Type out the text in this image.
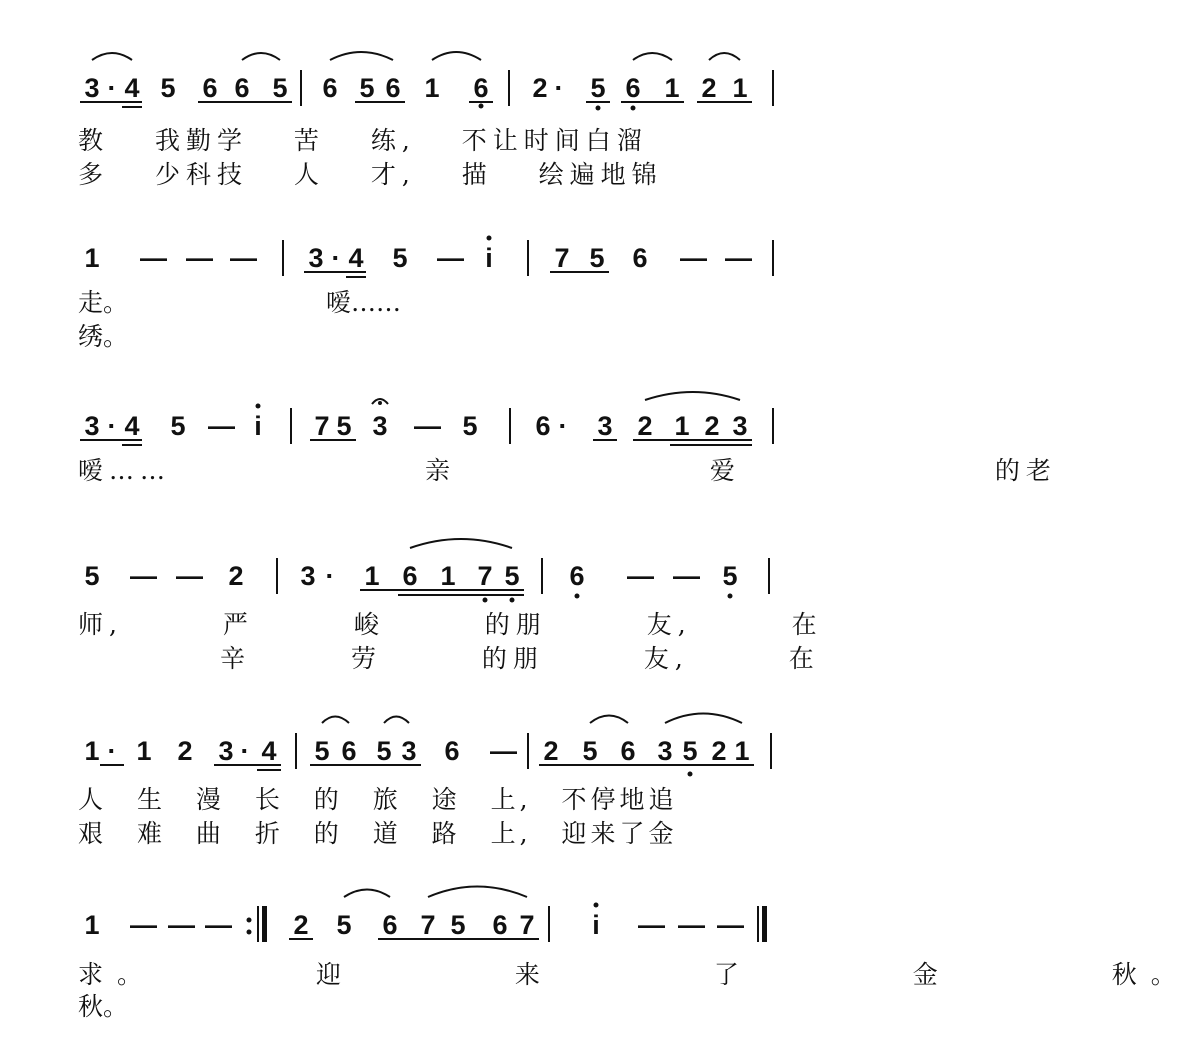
3 · 4 5 6 6 5 6 5 6 1 6 2 · 5 6 1 2 1
教 我勤学 苦 练, 不让时间白溜
多 少科技 人 才, 描 绘遍地锦
1 — — — 3 · 4 5 — i 7 5 6 — —
走。 嗳……
绣。
3 · 4 5 — i 7 5 3 — 5 6 · 3 2 1 2 3
嗳…… 亲 爱 的老
5 — — 2 3 · 1 6 1 7 5 6 — — 5
师, 严 峻 的朋 友, 在
辛 劳 的朋 友, 在
1 · 1 2 3 · 4 5 6 5 3 6 — 2 5 6 3 5 2 1
人 生 漫 长 的 旅 途 上, 不停地追
艰 难 曲 折 的 道 路 上, 迎来了金
1 — — — 2 5 6 7 5 6 7 i — — —
求。 迎 来 了 金 秋。
秋。
